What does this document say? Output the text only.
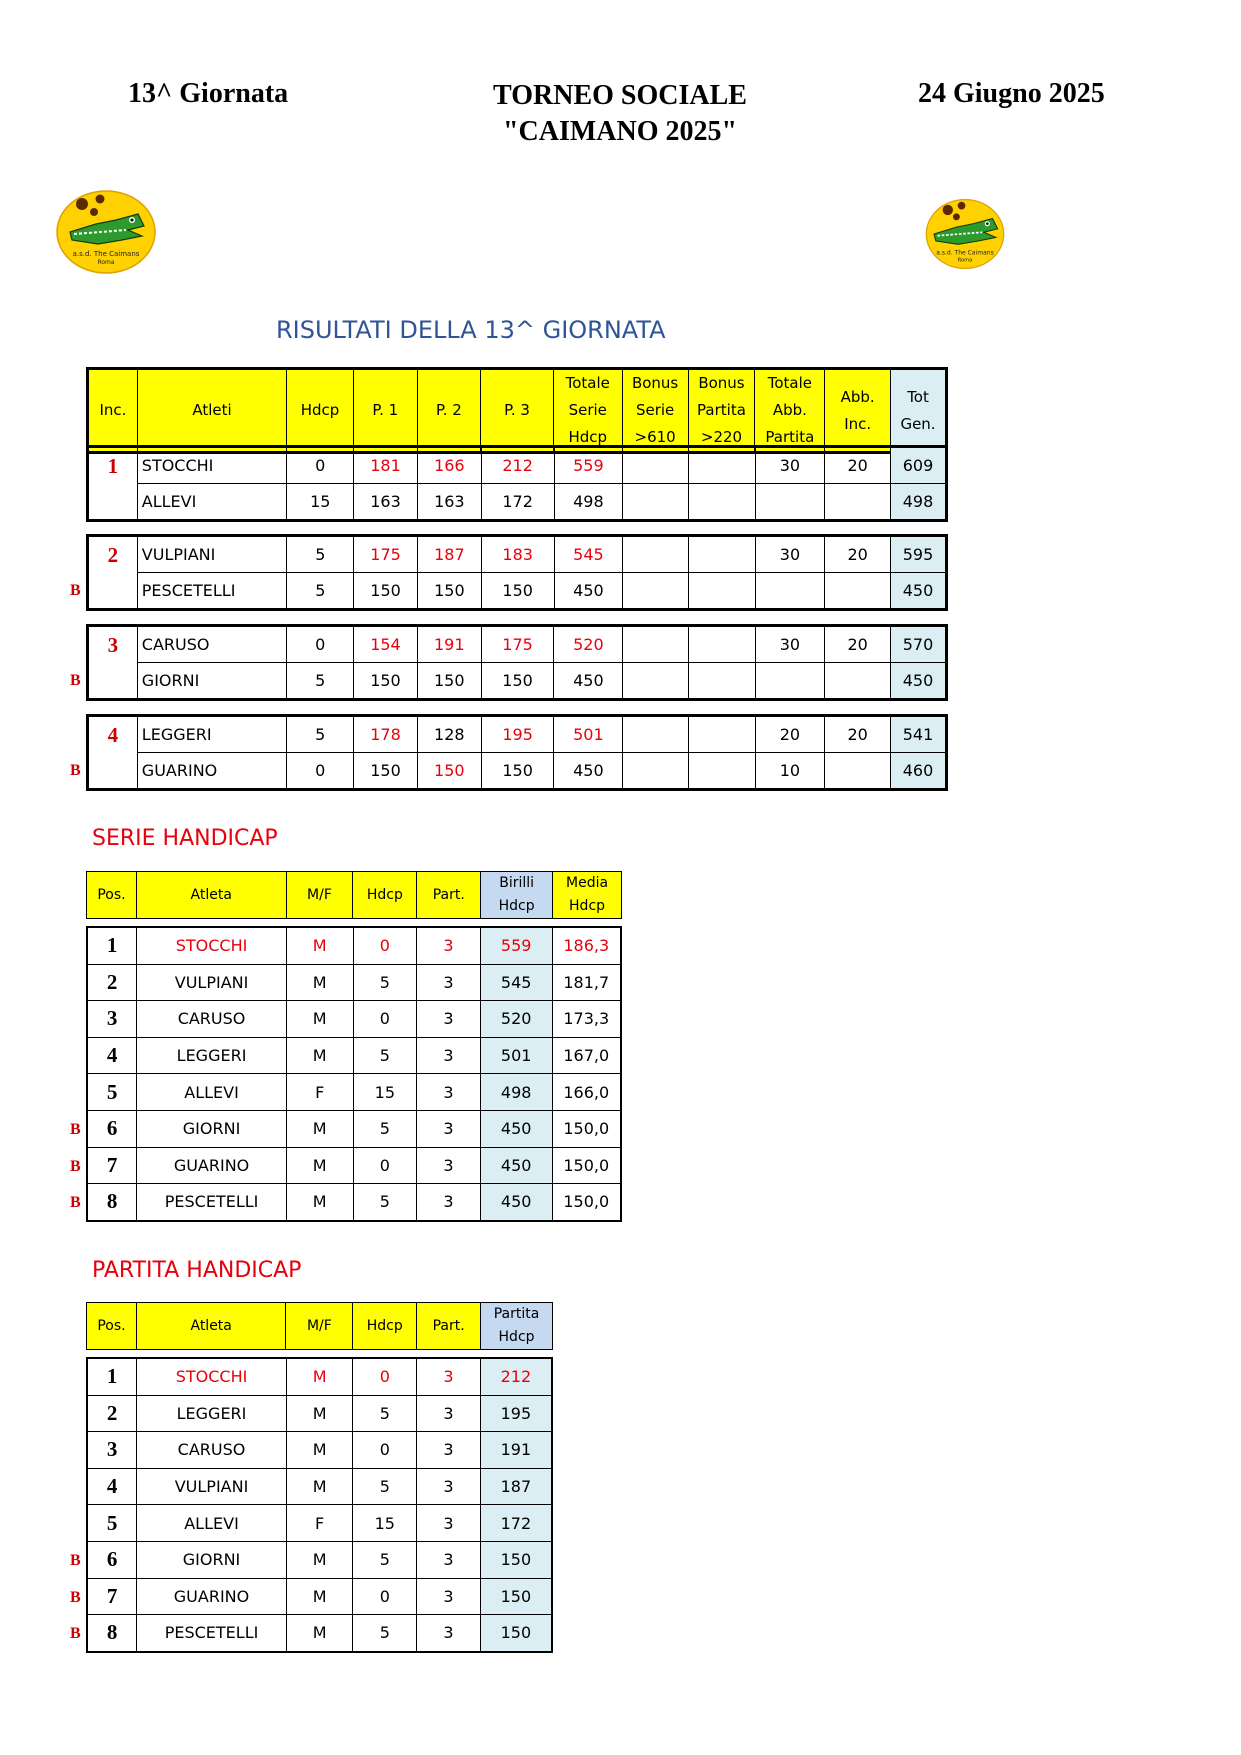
13^ Giornata	TORNEO SOCIALE
"CAIMANO 2025"
24 Giugno 2025
a.s.d. The Caimans
Roma
a.s.d. The Caimans
Roma
RISULTATI DELLA 13^ GIORNATA
Inc.	Atleti	Hdcp	P. 1	P. 2	P. 3	
Totale
Serie
Hdcp

Bonus
Serie
>610

Bonus
Partita
>220

Totale
Abb.
Partita

Abb.
Inc.

Tot
Gen.
1	STOCCHI	0	181	166	212	559			30	20	609
	ALLEVI	15	163	163	172	498					498
B
2	VULPIANI	5	175	187	183	545			30	20	595
	PESCETELLI	5	150	150	150	450					450
B
3	CARUSO	0	154	191	175	520			30	20	570
	GIORNI	5	150	150	150	450					450
B
4	LEGGERI	5	178	128	195	501			20	20	541
	GUARINO	0	150	150	150	450			10		460
SERIE HANDICAP
Pos.	Atleta	M/F	Hdcp	Part.	
Birilli
Hdcp

Media
Hdcp
1	STOCCHI	M	0	3	559	186,3
2	VULPIANI	M	5	3	545	181,7
3	CARUSO	M	0	3	520	173,3
4	LEGGERI	M	5	3	501	167,0
5	ALLEVI	F	15	3	498	166,0
6	GIORNI	M	5	3	450	150,0
7	GUARINO	M	0	3	450	150,0
8	PESCETELLI	M	5	3	450	150,0
PARTITA HANDICAP
Pos.	Atleta	M/F	Hdcp	Part.	
Partita
Hdcp
1	STOCCHI	M	0	3	212
2	LEGGERI	M	5	3	195
3	CARUSO	M	0	3	191
4	VULPIANI	M	5	3	187
5	ALLEVI	F	15	3	172
6	GIORNI	M	5	3	150
7	GUARINO	M	0	3	150
8	PESCETELLI	M	5	3	150
B
B
B
B
B
B
